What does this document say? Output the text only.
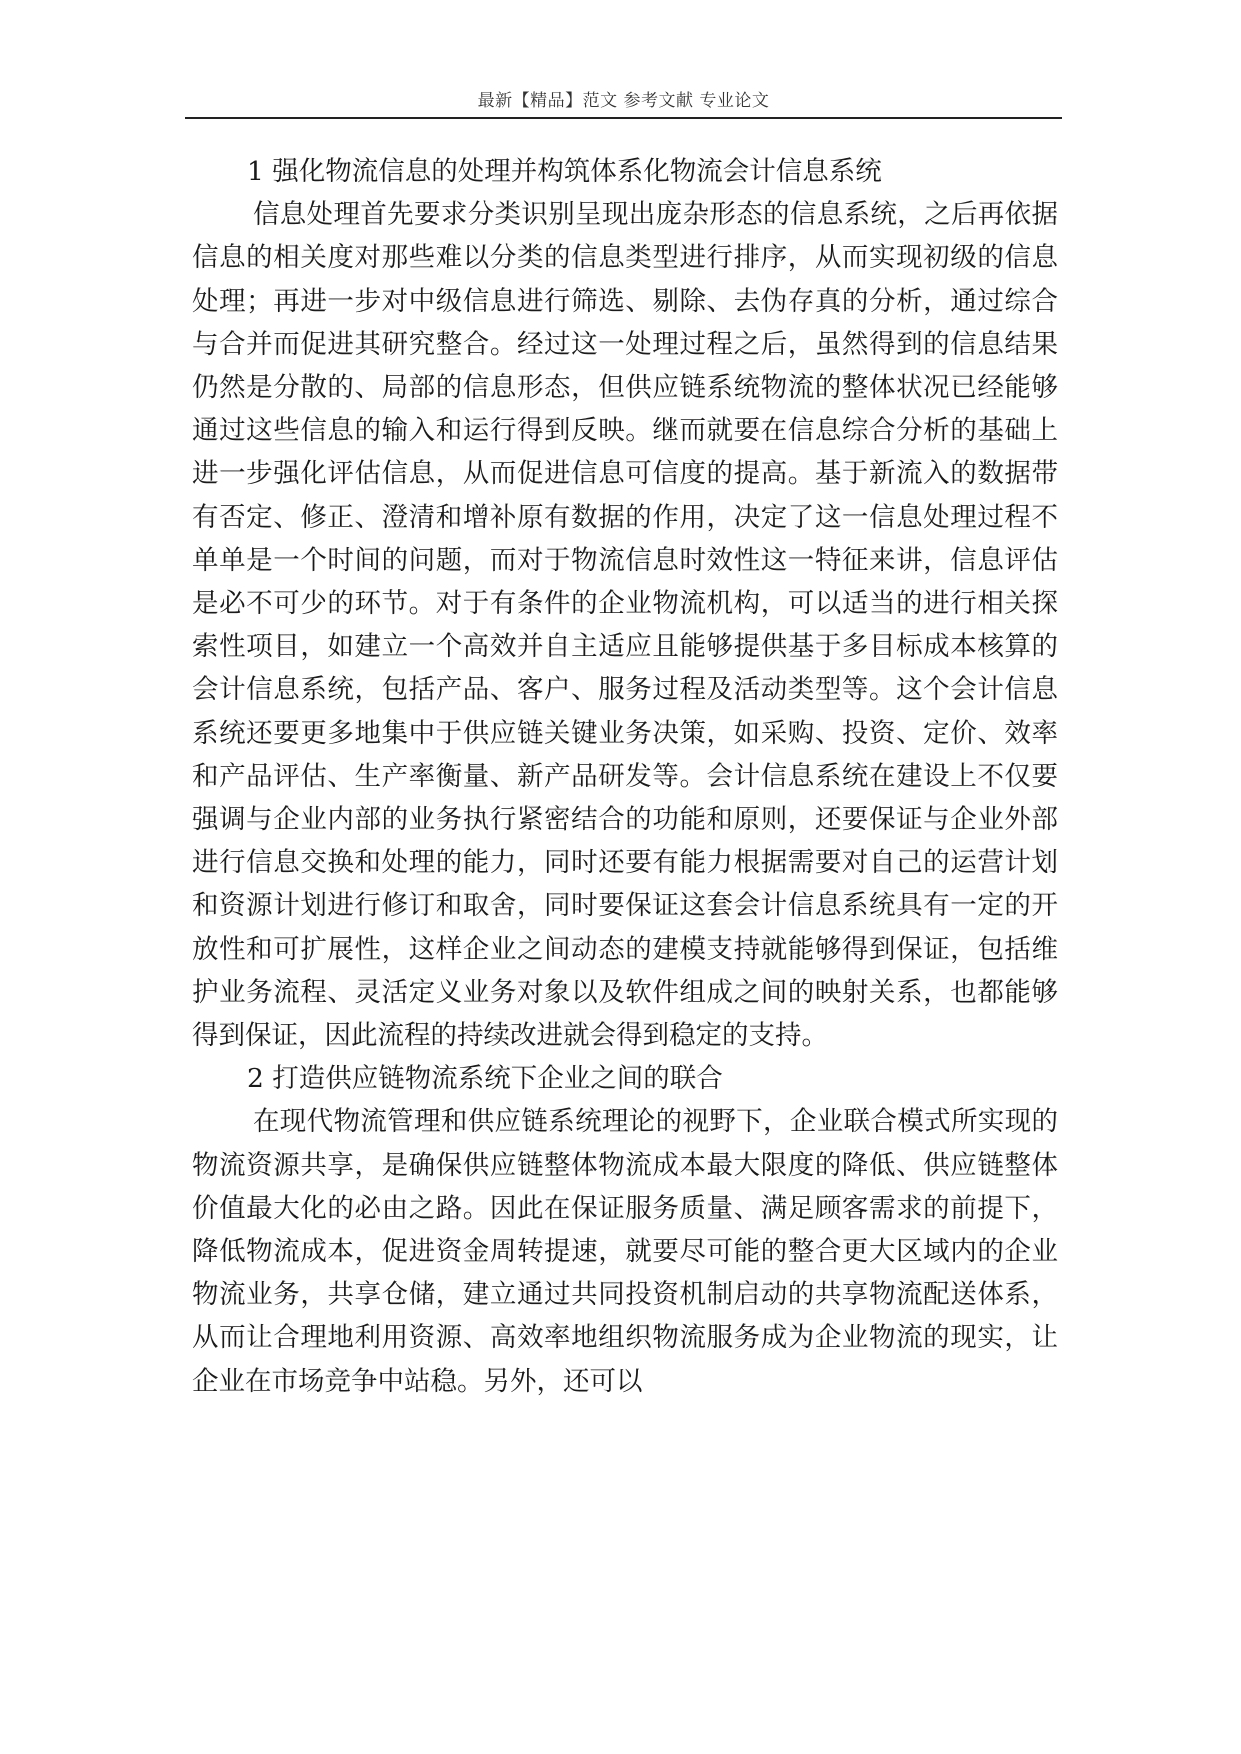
最新【精品】范文 参考文献 专业论文

1 强化物流信息的处理并构筑体系化物流会计信息系统

信息处理首先要求分类识别呈现出庞杂形态的信息系统，之后再依据信息的相关度对那些难以分类的信息类型进行排序，从而实现初级的信息处理；再进一步对中级信息进行筛选、剔除、去伪存真的分析，通过综合与合并而促进其研究整合。经过这一处理过程之后，虽然得到的信息结果仍然是分散的、局部的信息形态，但供应链系统物流的整体状况已经能够通过这些信息的输入和运行得到反映。继而就要在信息综合分析的基础上进一步强化评估信息，从而促进信息可信度的提高。基于新流入的数据带有否定、修正、澄清和增补原有数据的作用，决定了这一信息处理过程不单单是一个时间的问题，而对于物流信息时效性这一特征来讲，信息评估是必不可少的环节。对于有条件的企业物流机构，可以适当的进行相关探索性项目，如建立一个高效并自主适应且能够提供基于多目标成本核算的会计信息系统，包括产品、客户、服务过程及活动类型等。这个会计信息系统还要更多地集中于供应链关键业务决策，如采购、投资、定价、效率和产品评估、生产率衡量、新产品研发等。会计信息系统在建设上不仅要强调与企业内部的业务执行紧密结合的功能和原则，还要保证与企业外部进行信息交换和处理的能力，同时还要有能力根据需要对自己的运营计划和资源计划进行修订和取舍，同时要保证这套会计信息系统具有一定的开放性和可扩展性，这样企业之间动态的建模支持就能够得到保证，包括维护业务流程、灵活定义业务对象以及软件组成之间的映射关系，也都能够得到保证，因此流程的持续改进就会得到稳定的支持。

2 打造供应链物流系统下企业之间的联合

在现代物流管理和供应链系统理论的视野下，企业联合模式所实现的物流资源共享，是确保供应链整体物流成本最大限度的降低、供应链整体价值最大化的必由之路。因此在保证服务质量、满足顾客需求的前提下，降低物流成本，促进资金周转提速，就要尽可能的整合更大区域内的企业物流业务，共享仓储，建立通过共同投资机制启动的共享物流配送体系，从而让合理地利用资源、高效率地组织物流服务成为企业物流的现实，让企业在市场竞争中站稳。另外，还可以
